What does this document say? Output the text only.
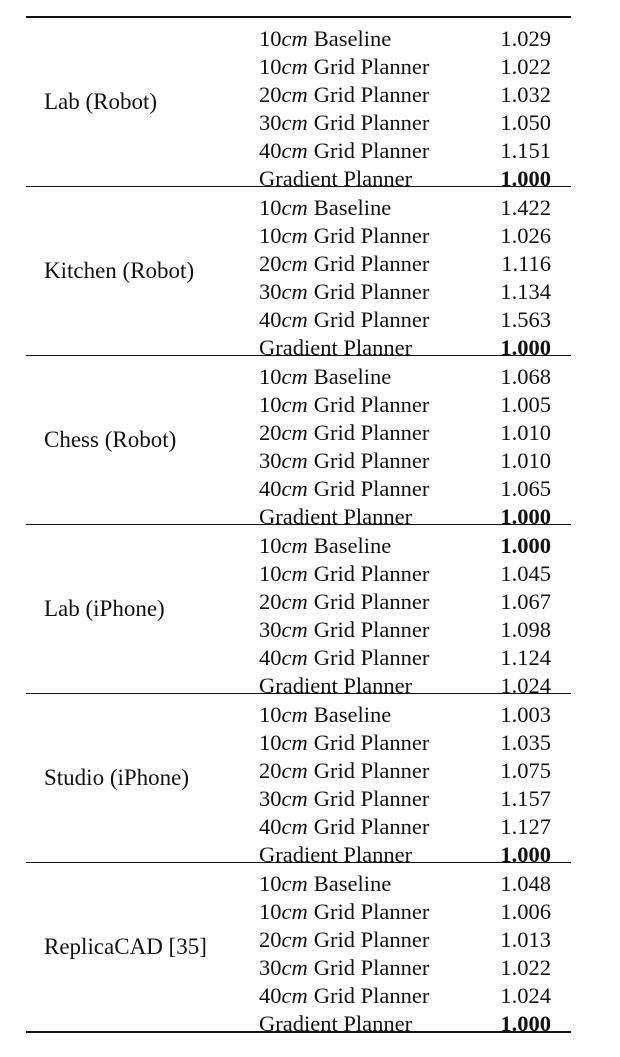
Lab (Robot)
10cm Baseline	1.029
10cm Grid Planner	1.022
20cm Grid Planner	1.032
30cm Grid Planner	1.050
40cm Grid Planner	1.151
Gradient Planner	1.000
Kitchen (Robot)
10cm Baseline	1.422
10cm Grid Planner	1.026
20cm Grid Planner	1.116
30cm Grid Planner	1.134
40cm Grid Planner	1.563
Gradient Planner	1.000
Chess (Robot)
10cm Baseline	1.068
10cm Grid Planner	1.005
20cm Grid Planner	1.010
30cm Grid Planner	1.010
40cm Grid Planner	1.065
Gradient Planner	1.000
Lab (iPhone)
10cm Baseline	1.000
10cm Grid Planner	1.045
20cm Grid Planner	1.067
30cm Grid Planner	1.098
40cm Grid Planner	1.124
Gradient Planner	1.024
Studio (iPhone)
10cm Baseline	1.003
10cm Grid Planner	1.035
20cm Grid Planner	1.075
30cm Grid Planner	1.157
40cm Grid Planner	1.127
Gradient Planner	1.000
ReplicaCAD [35]
10cm Baseline	1.048
10cm Grid Planner	1.006
20cm Grid Planner	1.013
30cm Grid Planner	1.022
40cm Grid Planner	1.024
Gradient Planner	1.000
